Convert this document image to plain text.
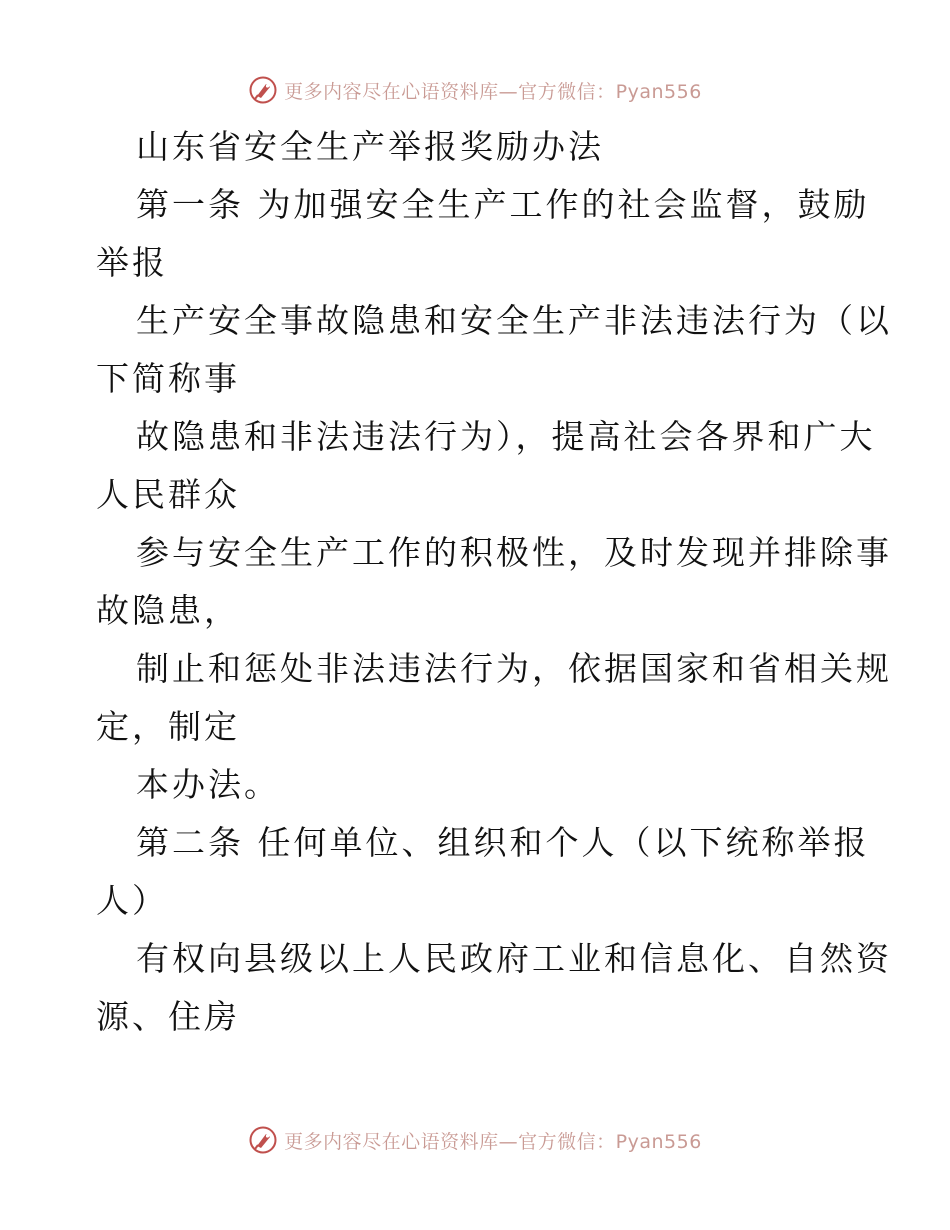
更多内容尽在心语资料库—官方微信：Pyan556
山东省安全生产举报奖励办法
第一条 为加强安全生产工作的社会监督，鼓励
举报
生产安全事故隐患和安全生产非法违法行为（以
下简称事
故隐患和非法违法行为），提高社会各界和广大
人民群众
参与安全生产工作的积极性，及时发现并排除事
故隐患，
制止和惩处非法违法行为，依据国家和省相关规
定，制定
本办法。
第二条 任何单位、组织和个人（以下统称举报
人）
有权向县级以上人民政府工业和信息化、自然资
源、住房
更多内容尽在心语资料库—官方微信：Pyan556
